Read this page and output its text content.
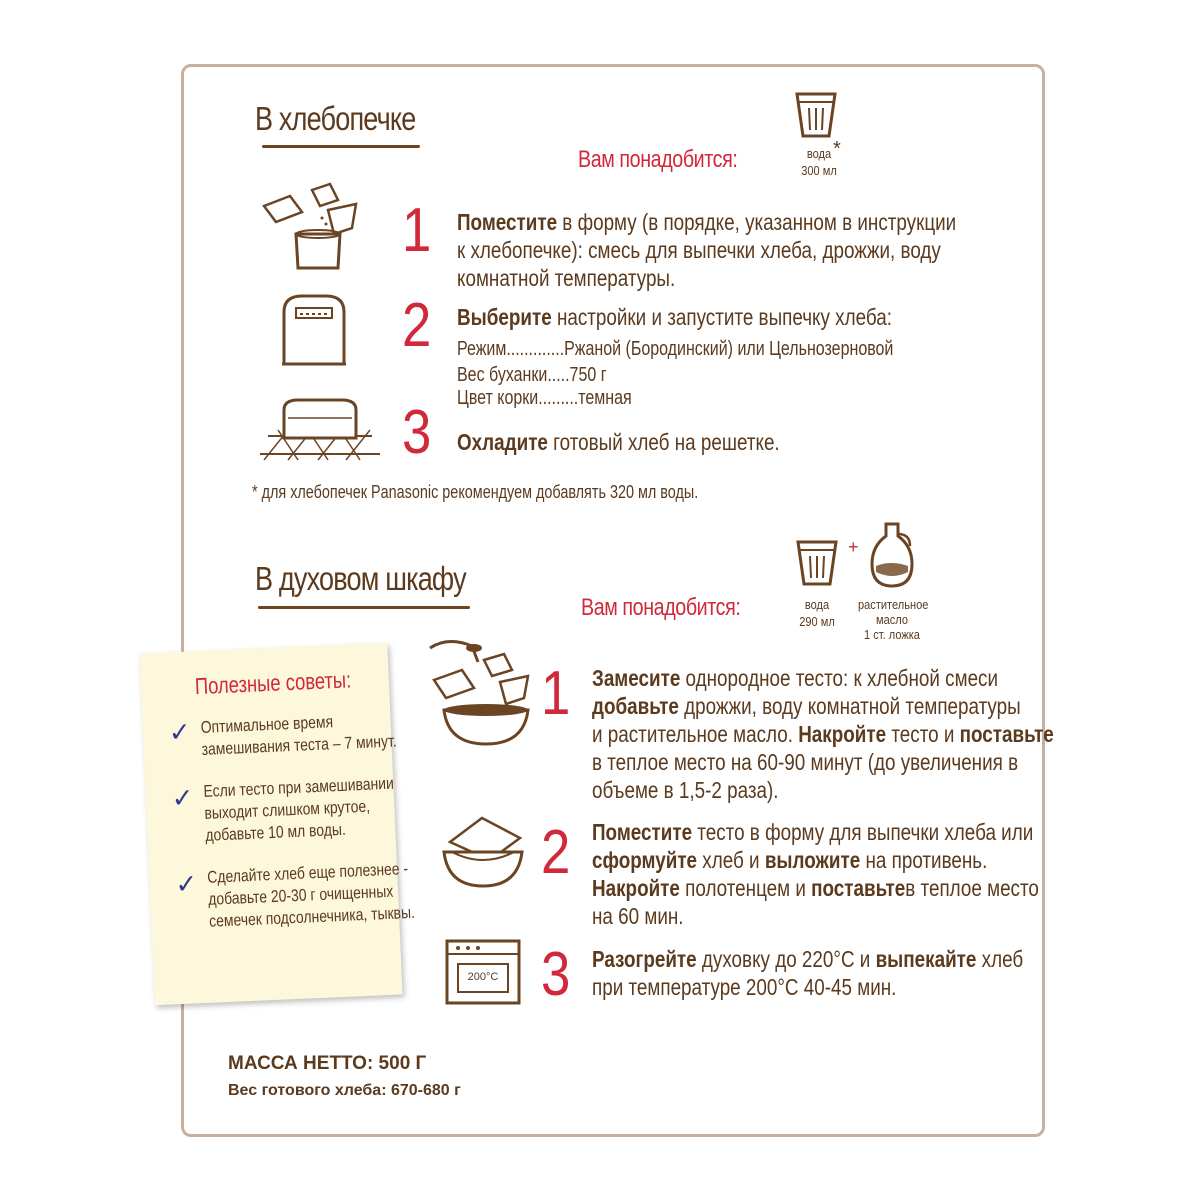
В хлебопечке
Вам понадобится:	вода *
300 мл
1 Поместите в форму (в порядке, указанном в инструкции
к хлебопечке): смесь для выпечки хлеба, дрожжи, воду
комнатной температуры.
2 Выберите настройки и запустите выпечку хлеба:
Режим.............Ржаной (Бородинский) или Цельнозерновой
Вес буханки.....750 г
Цвет корки.........темная
3 Охладите готовый хлеб на решетке.
* для хлебопечек Panasonic рекомендуем добавлять 320 мл воды.
В духовом шкафу
Вам понадобится:
+
вода
290 мл
растительное
масло
1 ст. ложка
1 Замесите однородное тесто: к хлебной смеси
добавьте дрожжи, воду комнатной температуры
и растительное масло. Накройте тесто и поставьте
в теплое место на 60-90 минут (до увеличения в
объеме в 1,5-2 раза).
2 Поместите тесто в форму для выпечки хлеба или
сформуйте хлеб и выложите на противень.
Накройте полотенцем и поставьтев теплое место
на 60 мин.
200°C 3 Разогрейте духовку до 220°С и выпекайте хлеб
при температуре 200°С 40-45 мин.
Полезные советы:
✓ Оптимальное время
замешивания теста – 7 минут.
✓ Если тесто при замешивании
выходит слишком крутое,
добавьте 10 мл воды.
✓ Сделайте хлеб еще полезнее -
добавьте 20-30 г очищенных
семечек подсолнечника, тыквы.
МАССА НЕТТО: 500 Г
Вес готового хлеба: 670-680 г
